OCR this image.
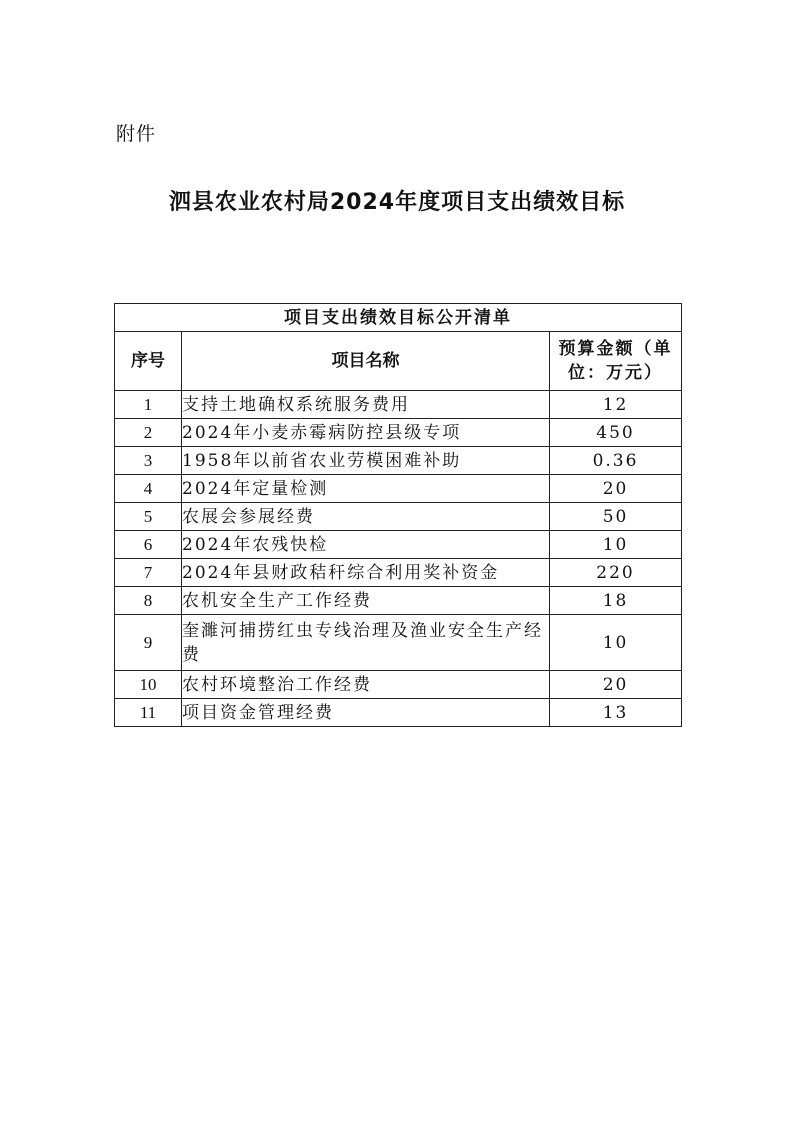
附件
泗县农业农村局2024年度项目支出绩效目标
项目支出绩效目标公开清单		
序号	项目名称	预算金额（单位：万元）
1	支持土地确权系统服务费用	12
2	2024年小麦赤霉病防控县级专项	450
3	1958年以前省农业劳模困难补助	0.36
4	2024年定量检测	20
5	农展会参展经费	50
6	2024年农残快检	10
7	2024年县财政秸秆综合利用奖补资金	220
8	农机安全生产工作经费	18
9	奎濉河捕捞红虫专线治理及渔业安全生产经费	10
10	农村环境整治工作经费	20
11	项目资金管理经费	13
